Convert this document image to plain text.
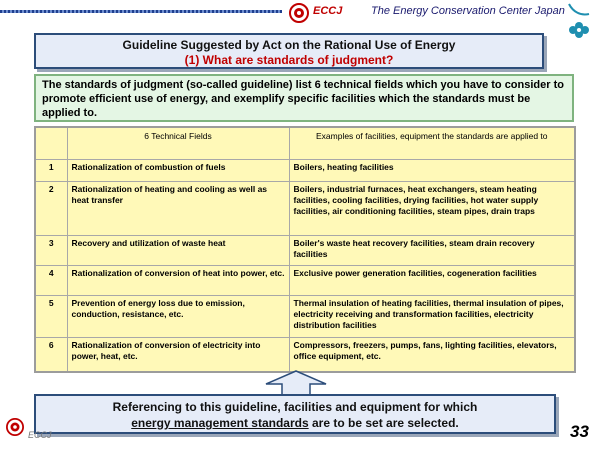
ECCJ	The Energy Conservation Center Japan
Guideline Suggested by Act on the Rational Use of Energy
(1) What are standards of judgment?
The standards of judgment (so-called guideline) list 6 technical fields which you have to consider to promote efficient use of energy, and exemplify specific facilities which the standards must be applied to.
	6 Technical Fields	Examples of facilities, equipment the standards are applied to
1	Rationalization of combustion of fuels	Boilers, heating facilities
2	Rationalization of heating and cooling as well as heat transfer	Boilers, industrial furnaces, heat exchangers, steam heating facilities, cooling facilities, drying facilities, hot water supply facilities, air conditioning facilities, steam pipes, drain traps
3	Recovery and utilization of waste heat	Boiler's waste heat recovery facilities, steam drain recovery facilities
4	Rationalization of conversion of heat into power, etc.	Exclusive power generation facilities, cogeneration facilities
5	Prevention of energy loss due to emission, conduction, resistance, etc.	Thermal insulation of heating facilities, thermal insulation of pipes, electricity receiving and transformation facilities, electricity distribution facilities
6	Rationalization of conversion of electricity into power, heat, etc.	Compressors, freezers, pumps, fans, lighting facilities, elevators, office equipment, etc.
Referencing to this guideline, facilities and equipment for which
energy management standards are to be set are selected.
ECCJ	33
